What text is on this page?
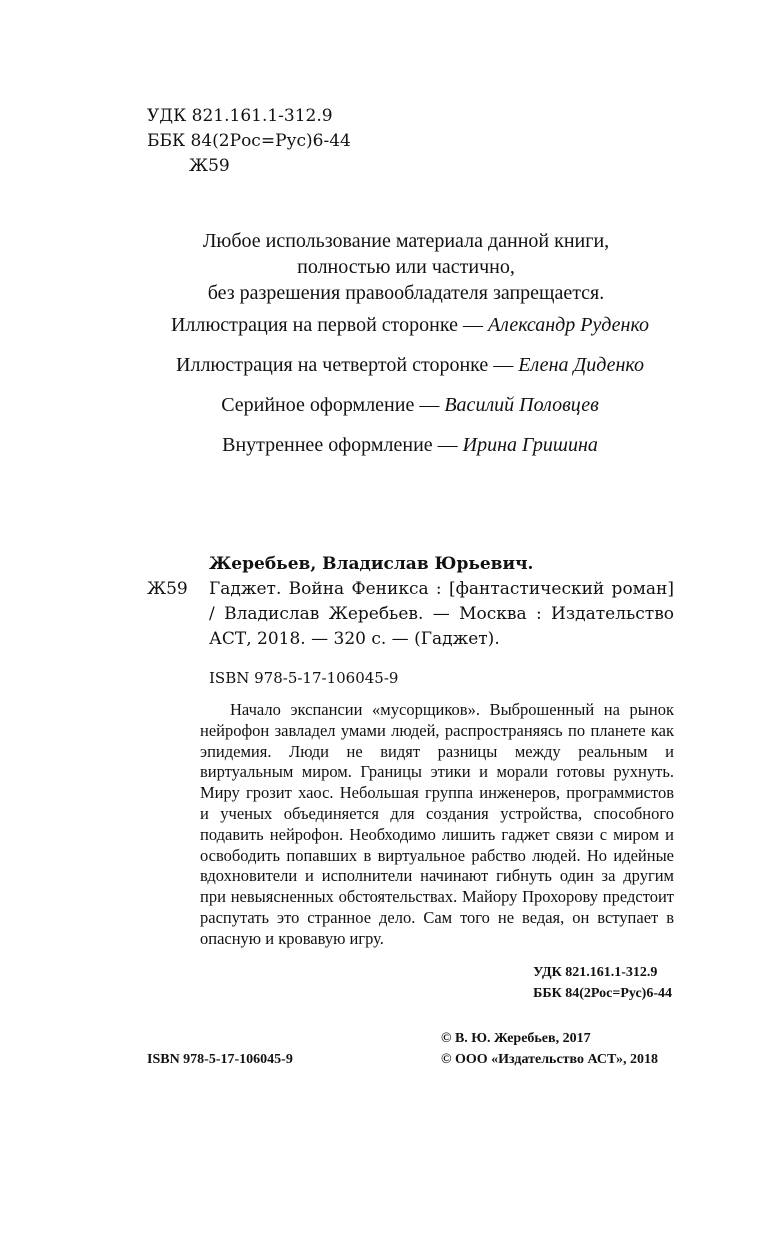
УДК 821.161.1-312.9
ББК 84(2Рос=Рус)6-44
Ж59
Любое использование материала данной книги,
полностью или частично,
без разрешения правообладателя запрещается.
Иллюстрация на первой сторонке — Александр Руденко
Иллюстрация на четвертой сторонке — Елена Диденко
Серийное оформление — Василий Половцев
Внутреннее оформление — Ирина Гришина
Жеребьев, Владислав Юрьевич.
Ж59 Гаджет. Война Феникса : [фантастический роман] / Владислав Жеребьев. — Москва : Издательство АСТ, 2018. — 320 с. — (Гаджет).
ISBN 978-5-17-106045-9
Начало экспансии «мусорщиков». Выброшенный на рынок нейрофон завладел умами людей, распространяясь по планете как эпидемия. Люди не видят разницы между реальным и виртуальным миром. Границы этики и морали готовы рухнуть. Миру грозит хаос. Небольшая группа инженеров, программистов и ученых объединяется для создания устройства, способного подавить нейрофон. Необходимо лишить гаджет связи с миром и освободить попавших в виртуальное рабство людей. Но идейные вдохновители и исполнители начинают гибнуть один за другим при невыясненных обстоятельствах. Майору Прохорову предстоит распутать это странное дело. Сам того не ведая, он вступает в опасную и кровавую игру.
УДК 821.161.1-312.9
ББК 84(2Рос=Рус)6-44
© В. Ю. Жеребьев, 2017
© ООО «Издательство АСТ», 2018
ISBN 978-5-17-106045-9
